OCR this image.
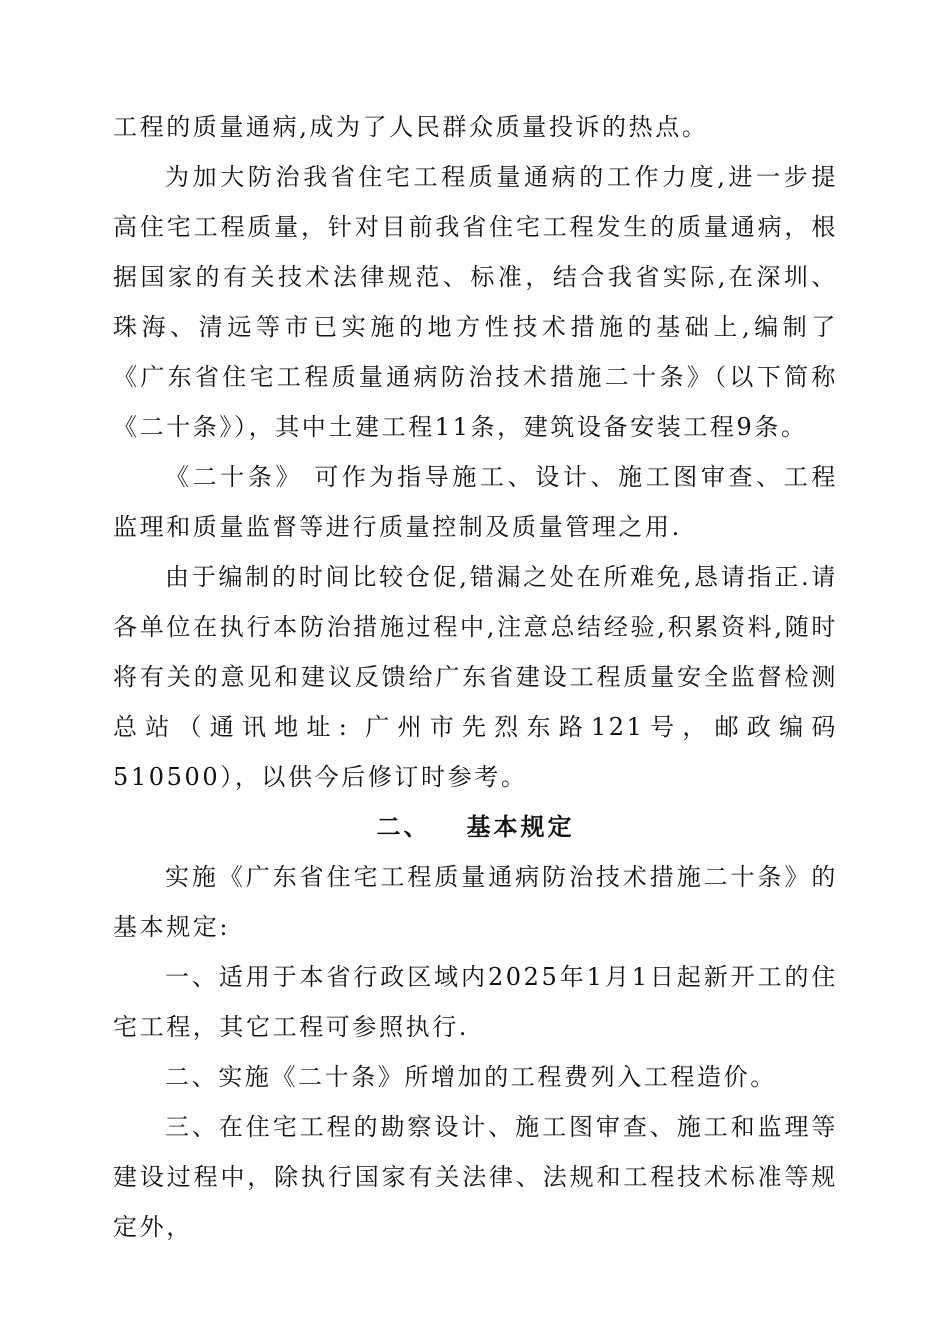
工程的质量通病,成为了人民群众质量投诉的热点。

为加大防治我省住宅工程质量通病的工作力度,进一步提高住宅工程质量，针对目前我省住宅工程发生的质量通病，根据国家的有关技术法律规范、标准，结合我省实际,在深圳、珠海、清远等市已实施的地方性技术措施的基础上,编制了《广东省住宅工程质量通病防治技术措施二十条》（以下简称《二十条》），其中土建工程11条，建筑设备安装工程9条。

《二十条》 可作为指导施工、设计、施工图审查、工程监理和质量监督等进行质量控制及质量管理之用.

由于编制的时间比较仓促,错漏之处在所难免,恳请指正.请各单位在执行本防治措施过程中,注意总结经验,积累资料,随时将有关的意见和建议反馈给广东省建设工程质量安全监督检测总站（通讯地址: 广州市先烈东路121号，邮政编码510500），以供今后修订时参考。

二、 基本规定

实施《广东省住宅工程质量通病防治技术措施二十条》的基本规定:

一、适用于本省行政区域内2025年1月1日起新开工的住宅工程，其它工程可参照执行.

二、实施《二十条》所增加的工程费列入工程造价。

三、在住宅工程的勘察设计、施工图审查、施工和监理等建设过程中，除执行国家有关法律、法规和工程技术标准等规定外，
